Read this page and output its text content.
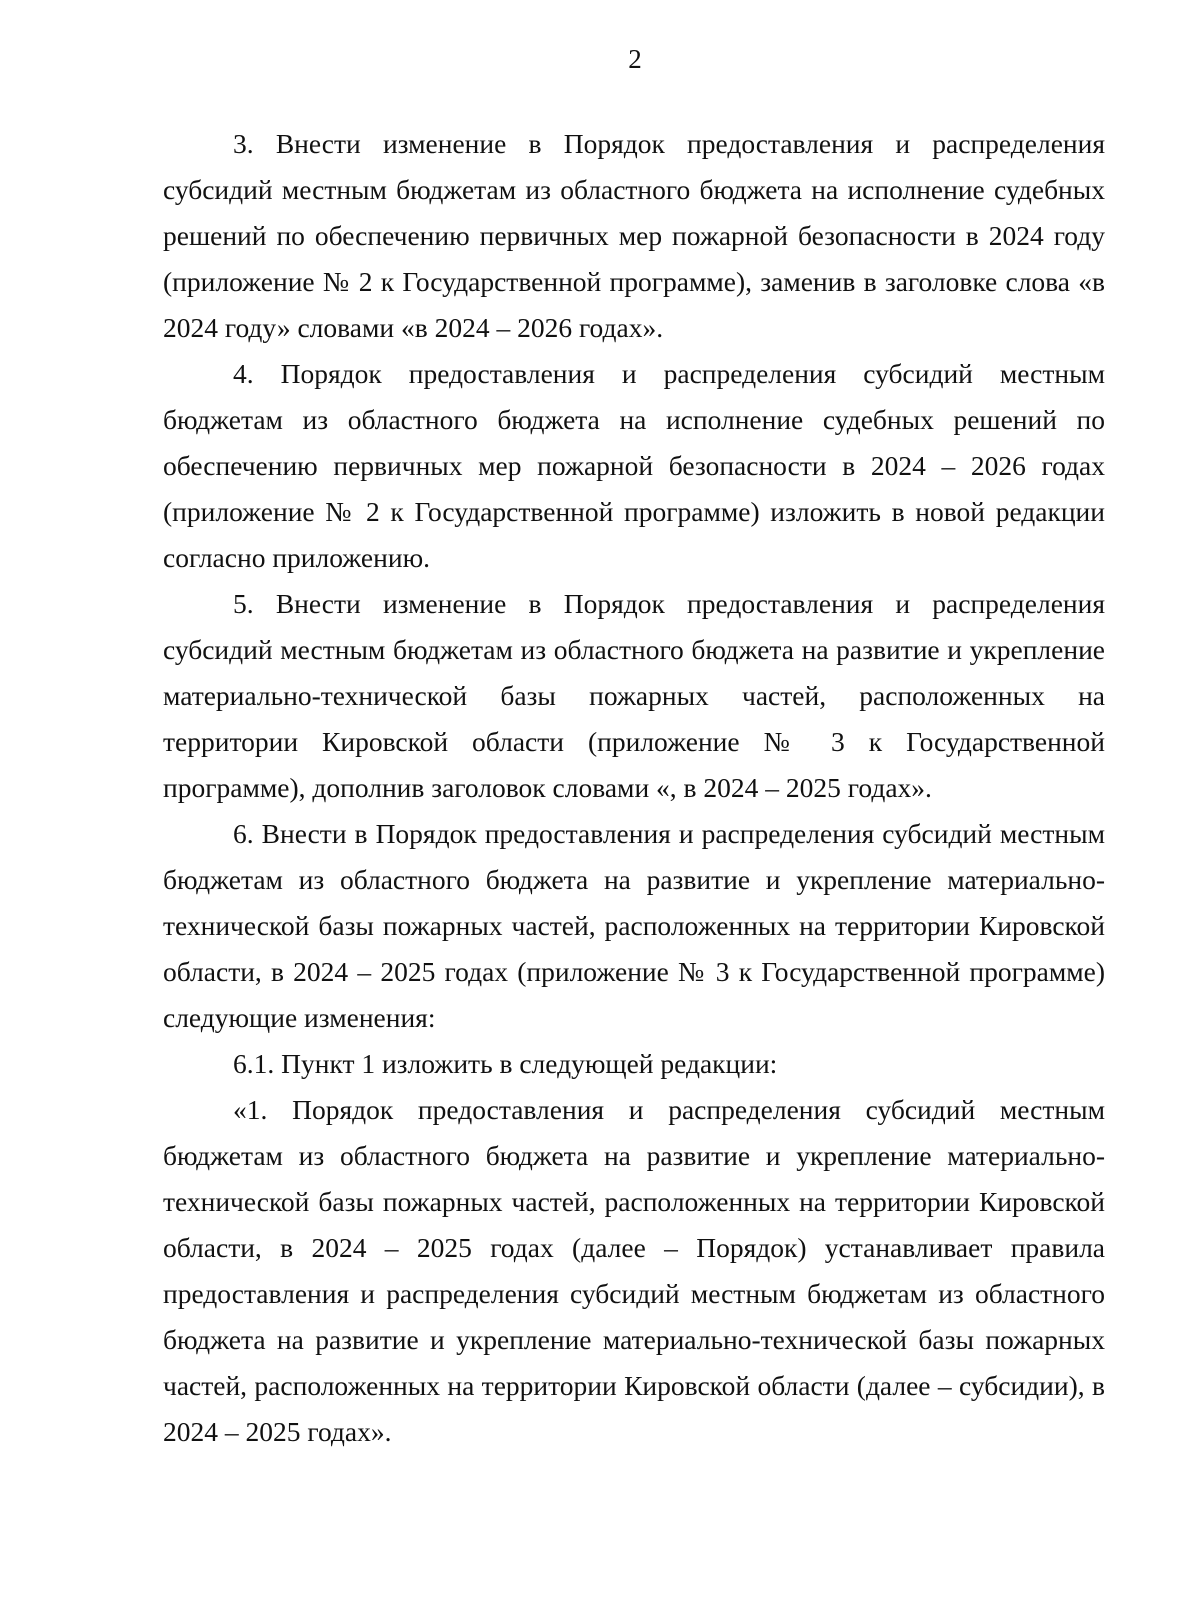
2

3. Внести изменение в Порядок предоставления и распределения субсидий местным бюджетам из областного бюджета на исполнение судебных решений по обеспечению первичных мер пожарной безопасности в 2024 году (приложение № 2 к Государственной программе), заменив в заголовке слова «в 2024 году» словами «в 2024 – 2026 годах».

4. Порядок предоставления и распределения субсидий местным бюджетам из областного бюджета на исполнение судебных решений по обеспечению первичных мер пожарной безопасности в 2024 – 2026 годах (приложение № 2 к Государственной программе) изложить в новой редакции согласно приложению.

5. Внести изменение в Порядок предоставления и распределения субсидий местным бюджетам из областного бюджета на развитие и укрепление материально-технической базы пожарных частей, расположенных на территории Кировской области (приложение № 3 к Государственной программе), дополнив заголовок словами «, в 2024 – 2025 годах».

6. Внести в Порядок предоставления и распределения субсидий местным бюджетам из областного бюджета на развитие и укрепление материально-технической базы пожарных частей, расположенных на территории Кировской области, в 2024 – 2025 годах (приложение № 3 к Государственной программе) следующие изменения:

6.1. Пункт 1 изложить в следующей редакции:

«1. Порядок предоставления и распределения субсидий местным бюджетам из областного бюджета на развитие и укрепление материально-технической базы пожарных частей, расположенных на территории Кировской области, в 2024 – 2025 годах (далее – Порядок) устанавливает правила предоставления и распределения субсидий местным бюджетам из областного бюджета на развитие и укрепление материально-технической базы пожарных частей, расположенных на территории Кировской области (далее – субсидии), в 2024 – 2025 годах».
